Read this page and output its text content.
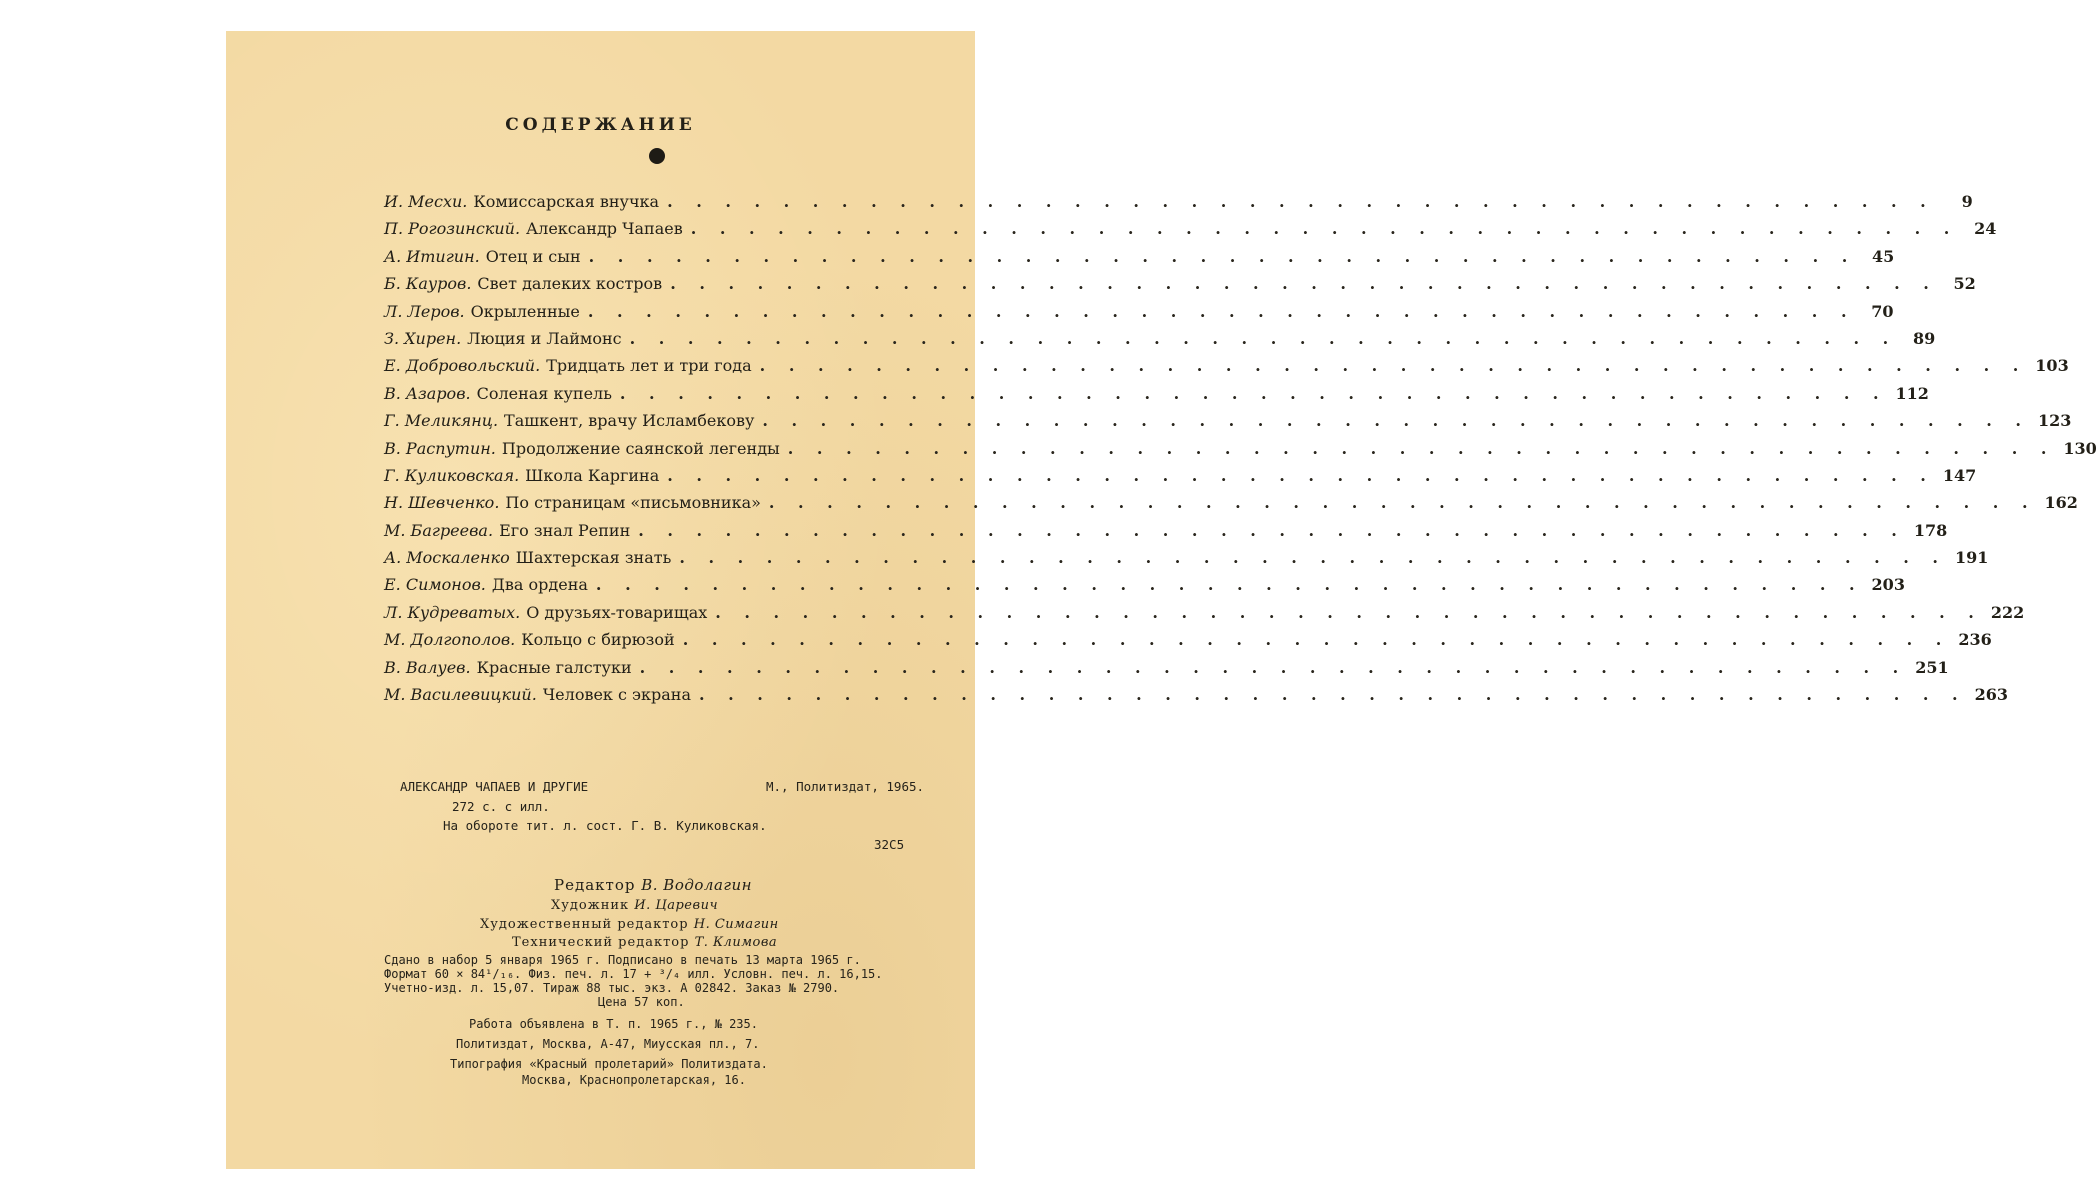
СОДЕРЖАНИЕ
И. Месхи. Комиссарская внучка . . . . . . . . . . . . . . . . . . . . . . . . . . . . . . . . . . . . . . . . . . . .	9
П. Рогозинский. Александр Чапаев . . . . . . . . . . . . . . . . . . . . . . . . . . . . . . . . . . . . . . . . . . . . 24
А. Итигин. Отец и сын . . . . . . . . . . . . . . . . . . . . . . . . . . . . . . . . . . . . . . . . . . . . 45
Б. Кауров. Свет далеких костров . . . . . . . . . . . . . . . . . . . . . . . . . . . . . . . . . . . . . . . . . . . . 52
Л. Леров. Окрыленные . . . . . . . . . . . . . . . . . . . . . . . . . . . . . . . . . . . . . . . . . . . . 70
З. Хирен. Люция и Лаймонс . . . . . . . . . . . . . . . . . . . . . . . . . . . . . . . . . . . . . . . . . . . . 89
Е. Добровольский. Тридцать лет и три года . . . . . . . . . . . . . . . . . . . . . . . . . . . . . . . . . . . . . . . . . . . . 103
В. Азаров. Соленая купель . . . . . . . . . . . . . . . . . . . . . . . . . . . . . . . . . . . . . . . . . . . . 112
Г. Меликянц. Ташкент, врачу Исламбекову . . . . . . . . . . . . . . . . . . . . . . . . . . . . . . . . . . . . . . . . . . . . 123
В. Распутин. Продолжение саянской легенды . . . . . . . . . . . . . . . . . . . . . . . . . . . . . . . . . . . . . . . . . . . . 130
Г. Куликовская. Школа Каргина . . . . . . . . . . . . . . . . . . . . . . . . . . . . . . . . . . . . . . . . . . . . 147
Н. Шевченко. По страницам «письмовника» . . . . . . . . . . . . . . . . . . . . . . . . . . . . . . . . . . . . . . . . . . . . 162
М. Багреева. Его знал Репин . . . . . . . . . . . . . . . . . . . . . . . . . . . . . . . . . . . . . . . . . . . . 178
А. Москаленко Шахтерская знать . . . . . . . . . . . . . . . . . . . . . . . . . . . . . . . . . . . . . . . . . . . . 191
Е. Симонов. Два ордена . . . . . . . . . . . . . . . . . . . . . . . . . . . . . . . . . . . . . . . . . . . . 203
Л. Кудреватых. О друзьях-товарищах . . . . . . . . . . . . . . . . . . . . . . . . . . . . . . . . . . . . . . . . . . . . 222
М. Долгополов. Кольцо с бирюзой . . . . . . . . . . . . . . . . . . . . . . . . . . . . . . . . . . . . . . . . . . . . 236
В. Валуев. Красные галстуки . . . . . . . . . . . . . . . . . . . . . . . . . . . . . . . . . . . . . . . . . . . . 251
М. Василевицкий. Человек с экрана . . . . . . . . . . . . . . . . . . . . . . . . . . . . . . . . . . . . . . . . . . . . 263
АЛЕКСАНДР ЧАПАЕВ И ДРУГИЕ	М., Политиздат, 1965.
272 с. с илл.
На обороте тит. л. сост. Г. В. Куликовская.
32С5
Редактор В. Водолагин
Художник И. Царевич
Художественный редактор Н. Симагин
Технический редактор Т. Климова
Сдано в набор 5 января 1965 г. Подписано в печать 13 марта 1965 г.
Формат 60 × 84¹/₁₆. Физ. печ. л. 17 + ³/₄ илл. Условн. печ. л. 16,15.
Учетно-изд. л. 15,07. Тираж 88 тыс. экз. А 02842. Заказ № 2790.
Цена 57 коп.
Работа объявлена в Т. п. 1965 г., № 235.
Политиздат, Москва, А-47, Миусская пл., 7.
Типография «Красный пролетарий» Политиздата.
Москва, Краснопролетарская, 16.
